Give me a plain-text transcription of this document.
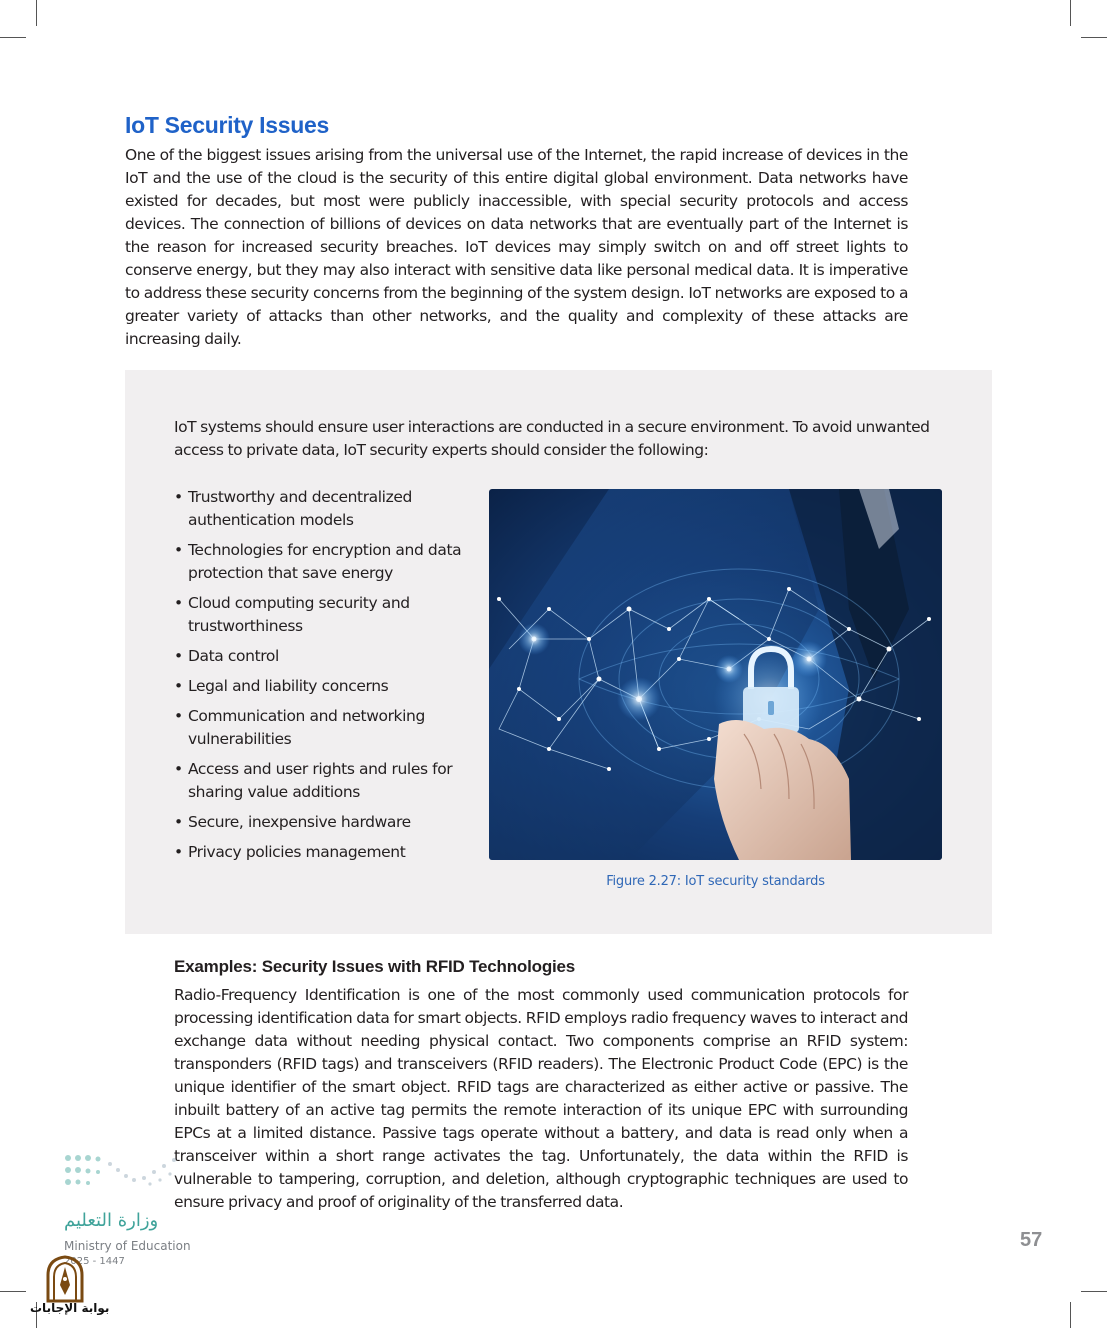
IoT Security Issues

One of the biggest issues arising from the universal use of the Internet, the rapid increase of devices in the IoT and the use of the cloud is the security of this entire digital global environment. Data networks have existed for decades, but most were publicly inaccessible, with special security protocols and access devices. The connection of billions of devices on data networks that are eventually part of the Internet is the reason for increased security breaches. IoT devices may simply switch on and off street lights to conserve energy, but they may also interact with sensitive data like personal medical data. It is imperative to address these security concerns from the beginning of the system design. IoT networks are exposed to a greater variety of attacks than other networks, and the quality and complexity of these attacks are increasing daily.

IoT systems should ensure user interactions are conducted in a secure environment. To avoid unwanted access to private data, IoT security experts should consider the following:

• Trustworthy and decentralized authentication models
• Technologies for encryption and data protection that save energy
• Cloud computing security and trustworthiness
• Data control
• Legal and liability concerns
• Communication and networking vulnerabilities
• Access and user rights and rules for sharing value additions
• Secure, inexpensive hardware
• Privacy policies management
Figure 2.27: IoT security standards
Examples: Security Issues with RFID Technologies

Radio-Frequency Identification is one of the most commonly used communication protocols for processing identification data for smart objects. RFID employs radio frequency waves to interact and exchange data without needing physical contact. Two components comprise an RFID system: transponders (RFID tags) and transceivers (RFID readers). The Electronic Product Code (EPC) is the unique identifier of the smart object. RFID tags are characterized as either active or passive. The inbuilt battery of an active tag permits the remote interaction of its unique EPC with surrounding EPCs at a limited distance. Passive tags operate without a battery, and data is read only when a transceiver within a short range activates the tag. Unfortunately, the data within the RFID is vulnerable to tampering, corruption, and deletion, although cryptographic techniques are used to ensure privacy and proof of originality of the transferred data.

57
وزارة التعليم
Ministry of Education
2025 - 1447
بوابة الإجابات
